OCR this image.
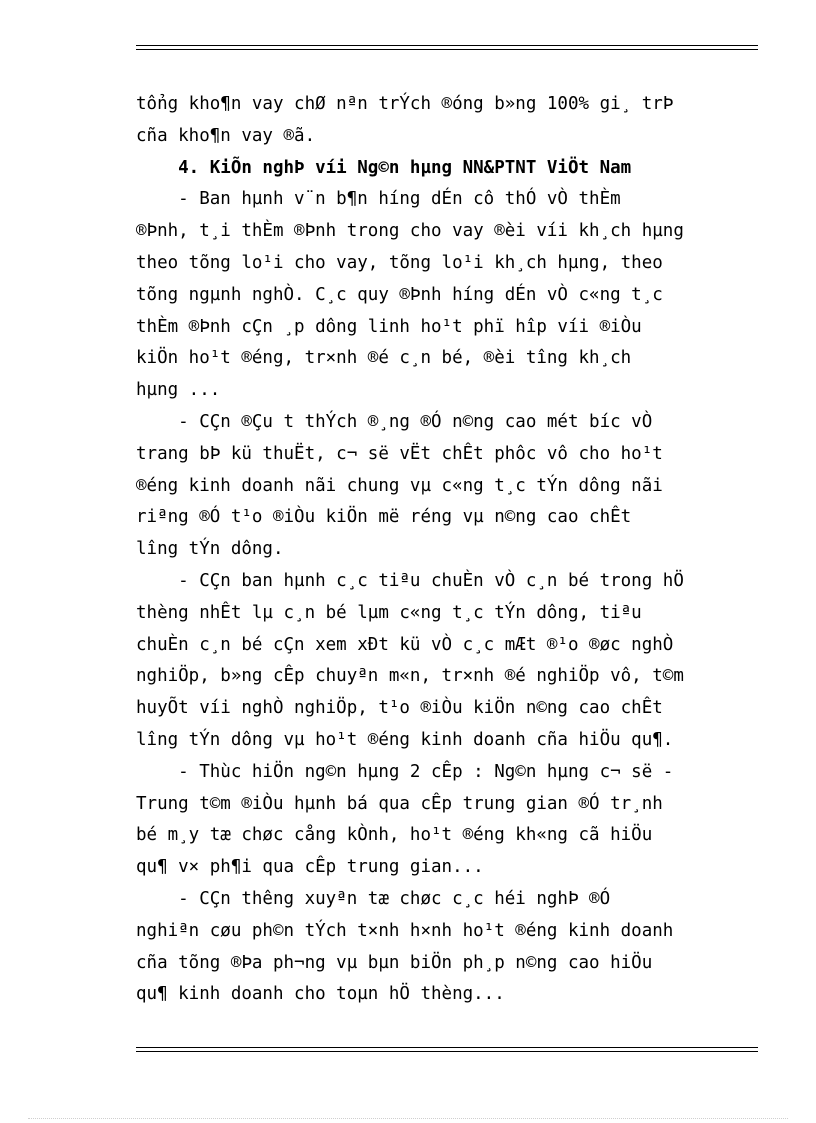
tổng kho¶n vay chØ nªn trÝch ®óng b»ng 100% gi¸ trÞ
cña kho¶n vay ®ã.
4. KiÕn nghÞ víi Ng©n hµng NN&PTNT ViÖt Nam
- Ban hµnh v¨n b¶n híng dÉn cô thÓ vÒ thÈm
®Þnh, t¸i thÈm ®Þnh trong cho vay ®èi víi kh¸ch hµng
theo tõng lo¹i cho vay, tõng lo¹i kh¸ch hµng, theo
tõng ngµnh nghÒ. C¸c quy ®Þnh híng dÉn vÒ c«ng t¸c
thÈm ®Þnh cÇn ¸p dông linh ho¹t phï hîp víi ®iÒu
kiÖn ho¹t ®éng, tr×nh ®é c¸n bé, ®èi tîng kh¸ch
hµng ...
- CÇn ®Çu t thÝch ®¸ng ®Ó n©ng cao mét bíc vÒ
trang bÞ kü thuËt, c¬ së vËt chÊt phôc vô cho ho¹t
®éng kinh doanh nãi chung vµ c«ng t¸c tÝn dông nãi
riªng ®Ó t¹o ®iÒu kiÖn më réng vµ n©ng cao chÊt
lîng tÝn dông.
- CÇn ban hµnh c¸c tiªu chuÈn vÒ c¸n bé trong hÖ
thèng nhÊt lµ c¸n bé lµm c«ng t¸c tÝn dông, tiªu
chuÈn c¸n bé cÇn xem xÐt kü vÒ c¸c mÆt ®¹o ®øc nghÒ
nghiÖp, b»ng cÊp chuyªn m«n, tr×nh ®é nghiÖp vô, t©m
huyÕt víi nghÒ nghiÖp, t¹o ®iÒu kiÖn n©ng cao chÊt
lîng tÝn dông vµ ho¹t ®éng kinh doanh cña hiÖu qu¶.
- Thùc hiÖn ng©n hµng 2 cÊp : Ng©n hµng c¬ së -
Trung t©m ®iÒu hµnh bá qua cÊp trung gian ®Ó tr¸nh
bé m¸y tæ chøc cång kÒnh, ho¹t ®éng kh«ng cã hiÖu
qu¶ v× ph¶i qua cÊp trung gian...
- CÇn thêng xuyªn tæ chøc c¸c héi nghÞ ®Ó
nghiªn cøu ph©n tÝch t×nh h×nh ho¹t ®éng kinh doanh
cña tõng ®Þa ph¬ng vµ bµn biÖn ph¸p n©ng cao hiÖu
qu¶ kinh doanh cho toµn hÖ thèng...
